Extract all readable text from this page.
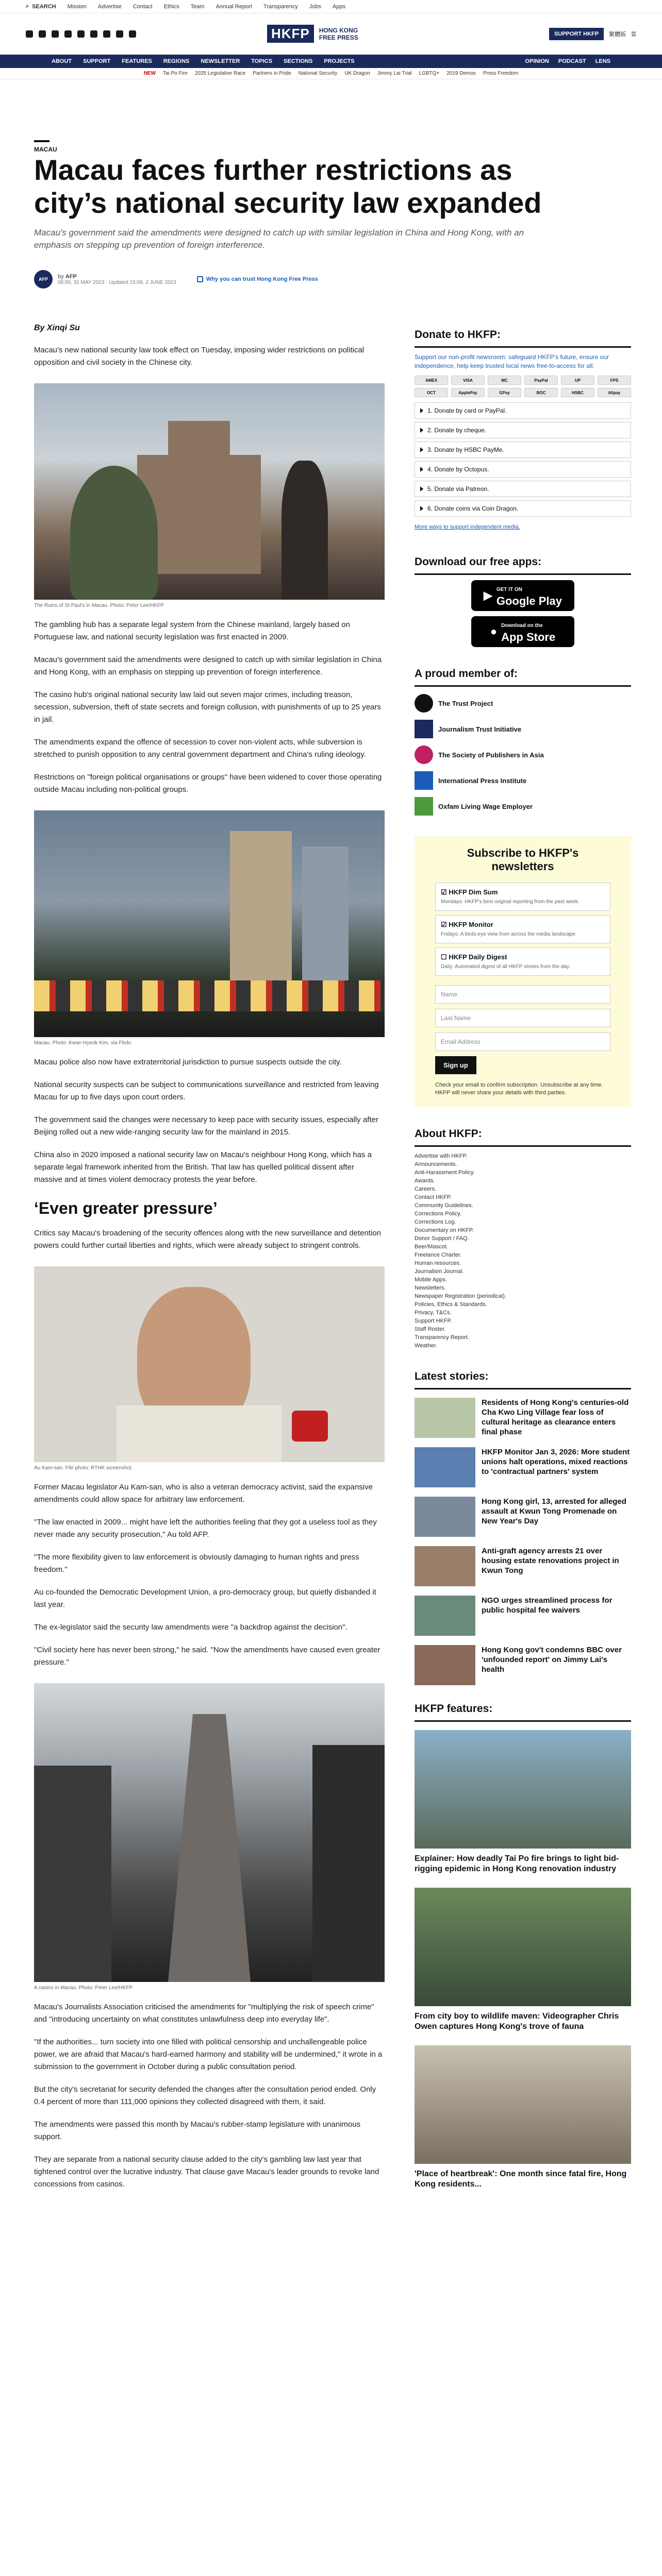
⌕ SEARCH Mission Advertise Contact Ethics Team Annual Report Transparency Jobs Apps
HKFP	HONG KONG
FREE PRESS	SUPPORT HKFP	繁體版 ☰
ABOUT SUPPORT FEATURES REGIONS NEWSLETTER TOPICS SECTIONS PROJECTS	OPINION PODCAST LENS
NEW Tai Po Fire 2025 Legislative Race Partners in Pride National Security UK Dragon Jimmy Lai Trial LGBTQ+ 2019 Demos Press Freedom
MACAU
Macau faces further restrictions as city’s national security law expanded
Macau's government said the amendments were designed to catch up with similar legislation in China and Hong Kong, with an emphasis on stepping up prevention of foreign interference.
AFP	by AFP
08:00, 31 MAY 2023 · Updated 15:06, 2 JUNE 2023	Why you can trust Hong Kong Free Press
By Xinqi Su

Macau's new national security law took effect on Tuesday, imposing wider restrictions on political opposition and civil society in the Chinese city.

The Ruins of St Paul's in Macau. Photo: Peter Lee/HKFP

The gambling hub has a separate legal system from the Chinese mainland, largely based on Portuguese law, and national security legislation was first enacted in 2009.

Macau's government said the amendments were designed to catch up with similar legislation in China and Hong Kong, with an emphasis on stepping up prevention of foreign interference.

The casino hub's original national security law laid out seven major crimes, including treason, secession, subversion, theft of state secrets and foreign collusion, with punishments of up to 25 years in jail.

The amendments expand the offence of secession to cover non-violent acts, while subversion is stretched to punish opposition to any central government department and China's ruling ideology.

Restrictions on "foreign political organisations or groups" have been widened to cover those operating outside Macau including non-political groups.

Macau. Photo: Kwan Hyeok Kim, via Flickr.

Macau police also now have extraterritorial jurisdiction to pursue suspects outside the city.

National security suspects can be subject to communications surveillance and restricted from leaving Macau for up to five days upon court orders.

The government said the changes were necessary to keep pace with security issues, especially after Beijing rolled out a new wide-ranging security law for the mainland in 2015.

China also in 2020 imposed a national security law on Macau's neighbour Hong Kong, which has a separate legal framework inherited from the British. That law has quelled political dissent after massive and at times violent democracy protests the year before.

‘Even greater pressure’

Critics say Macau's broadening of the security offences along with the new surveillance and detention powers could further curtail liberties and rights, which were already subject to stringent controls.

Au Kam-san. File photo: RTHK screenshot.

Former Macau legislator Au Kam-san, who is also a veteran democracy activist, said the expansive amendments could allow space for arbitrary law enforcement.

"The law enacted in 2009... might have left the authorities feeling that they got a useless tool as they never made any security prosecution," Au told AFP.

"The more flexibility given to law enforcement is obviously damaging to human rights and press freedom."

Au co-founded the Democratic Development Union, a pro-democracy group, but quietly disbanded it last year.

The ex-legislator said the security law amendments were "a backdrop against the decision".

"Civil society here has never been strong," he said. "Now the amendments have caused even greater pressure."

A casino in Macau. Photo: Peter Lee/HKFP

Macau's Journalists Association criticised the amendments for "multiplying the risk of speech crime" and "introducing uncertainty on what constitutes unlawfulness deep into everyday life".

"If the authorities... turn society into one filled with political censorship and unchallengeable police power, we are afraid that Macau's hard-earned harmony and stability will be undermined," it wrote in a submission to the government in October during a public consultation period.

But the city's secretariat for security defended the changes after the consultation period ended. Only 0.4 percent of more than 111,000 opinions they collected disagreed with them, it said.

The amendments were passed this month by Macau's rubber-stamp legislature with unanimous support.

They are separate from a national security clause added to the city's gambling law last year that tightened control over the lucrative industry. That clause gave Macau's leader grounds to revoke land concessions from casinos.

Donate to HKFP:

Support our non-profit newsroom: safeguard HKFP's future, ensure our independence, help keep trusted local news free-to-access for all.

AMEX	VISA	MC	PayPal	UP	FPS
OCT	ApplePay	GPay	BOC	HSBC	Alipay
1. Donate by card or PayPal.
2. Donate by cheque.
3. Donate by HSBC PayMe.
4. Donate by Octopus.
5. Donate via Patreon.
6. Donate coins via Coin Dragon.
More ways to support independent media.
Download our free apps:
▶ GET IT ON
Google Play
● Download on the
App Store
A proud member of:
The Trust Project
Journalism Trust Initiative
The Society of Publishers in Asia
International Press Institute
Oxfam Living Wage Employer
Subscribe to HKFP's newsletters
☑ HKFP Dim Sum
Mondays: HKFP's best original reporting from the past week.
☑ HKFP Monitor
Fridays: A birds-eye view from across the media landscape.
☐ HKFP Daily Digest
Daily: Automated digest of all HKFP stories from the day.
Name
Last Name
Email Address
Sign up

Check your email to confirm subscription. Unsubscribe at any time. HKFP will never share your details with third parties.

About HKFP:
Advertise with HKFP.
Announcements.
Anti-Harassment Policy.
Awards.
Careers.
Contact HKFP.
Community Guidelines.
Corrections Policy.
Corrections Log.
Documentary on HKFP.
Donor Support / FAQ.
Beer/Mascot.
Freelance Charter.
Human resources.
Journalism Journal.
Mobile Apps.
Newsletters.
Newspaper Registration (periodical).
Policies, Ethics & Standards.
Privacy, T&Cs.
Support HKFP.
Staff Roster.
Transparency Report.
Weather.
Latest stories:
Residents of Hong Kong's centuries-old Cha Kwo Ling Village fear loss of cultural heritage as clearance enters final phase
HKFP Monitor Jan 3, 2026: More student unions halt operations, mixed reactions to 'contractual partners' system
Hong Kong girl, 13, arrested for alleged assault at Kwun Tong Promenade on New Year's Day
Anti-graft agency arrests 21 over housing estate renovations project in Kwun Tong
NGO urges streamlined process for public hospital fee waivers
Hong Kong gov't condemns BBC over 'unfounded report' on Jimmy Lai's health
HKFP features:
Explainer: How deadly Tai Po fire brings to light bid-rigging epidemic in Hong Kong renovation industry
From city boy to wildlife maven: Videographer Chris Owen captures Hong Kong's trove of fauna
'Place of heartbreak': One month since fatal fire, Hong Kong residents...
